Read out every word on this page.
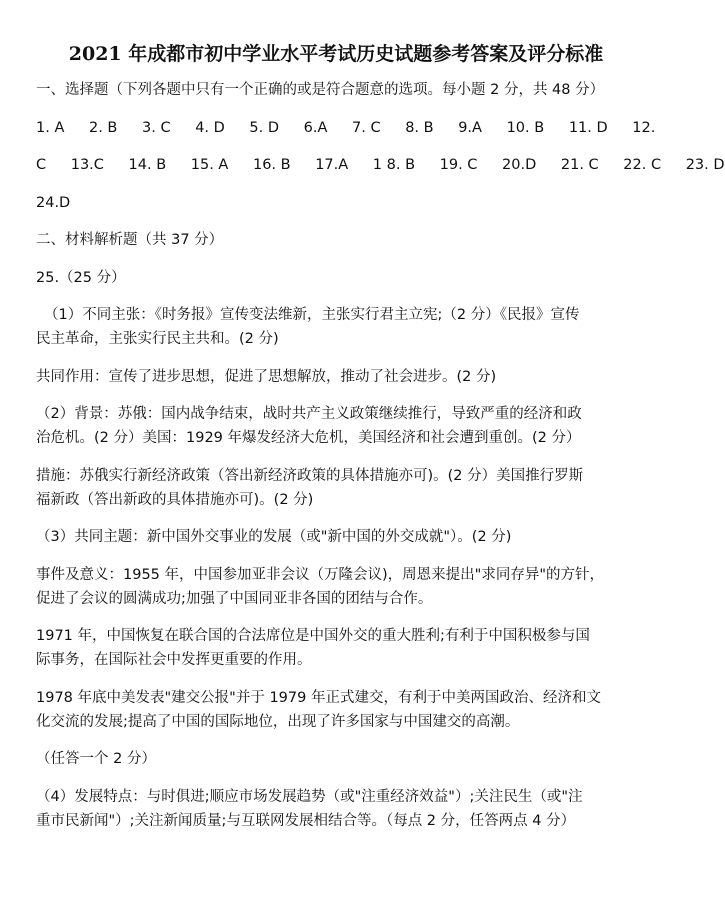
2021 年成都市初中学业水平考试历史试题参考答案及评分标准
一、选择题（下列各题中只有一个正确的或是符合题意的选项。每小题 2 分，共 48 分）
1. A 2. B 3. C 4. D 5. D 6.A 7. C 8. B 9.A 10. B 11. D 12.
C 13.C 14. B 15. A 16. B 17.A 1 8. B 19. C 20.D 21. C 22. C 23. D
24.D
二、材料解析题（共 37 分）
25.（25 分）
（1）不同主张：《时务报》宣传变法维新，主张实行君主立宪;（2 分）《民报》宣传
民主革命，主张实行民主共和。(2 分)
共同作用：宣传了进步思想，促进了思想解放，推动了社会进步。(2 分)
（2）背景：苏俄：国内战争结束，战时共产主义政策继续推行，导致严重的经济和政
治危机。(2 分）美国：1929 年爆发经济大危机，美国经济和社会遭到重创。(2 分）
措施：苏俄实行新经济政策（答出新经济政策的具体措施亦可)。(2 分）美国推行罗斯
福新政（答出新政的具体措施亦可)。(2 分)
（3）共同主题：新中国外交事业的发展（或"新中国的外交成就"）。(2 分)
事件及意义：1955 年，中国参加亚非会议（万隆会议)，周恩来提出"求同存异"的方针，
促进了会议的圆满成功;加强了中国同亚非各国的团结与合作。
1971 年，中国恢复在联合国的合法席位是中国外交的重大胜利;有利于中国积极参与国
际事务，在国际社会中发挥更重要的作用。
1978 年底中美发表"建交公报"并于 1979 年正式建交，有利于中美两国政治、经济和文
化交流的发展;提高了中国的国际地位，出现了许多国家与中国建交的高潮。
（任答一个 2 分）
（4）发展特点：与时俱进;顺应市场发展趋势（或"注重经济效益"）;关注民生（或"注
重市民新闻"）;关注新闻质量;与互联网发展相结合等。（每点 2 分，任答两点 4 分）
